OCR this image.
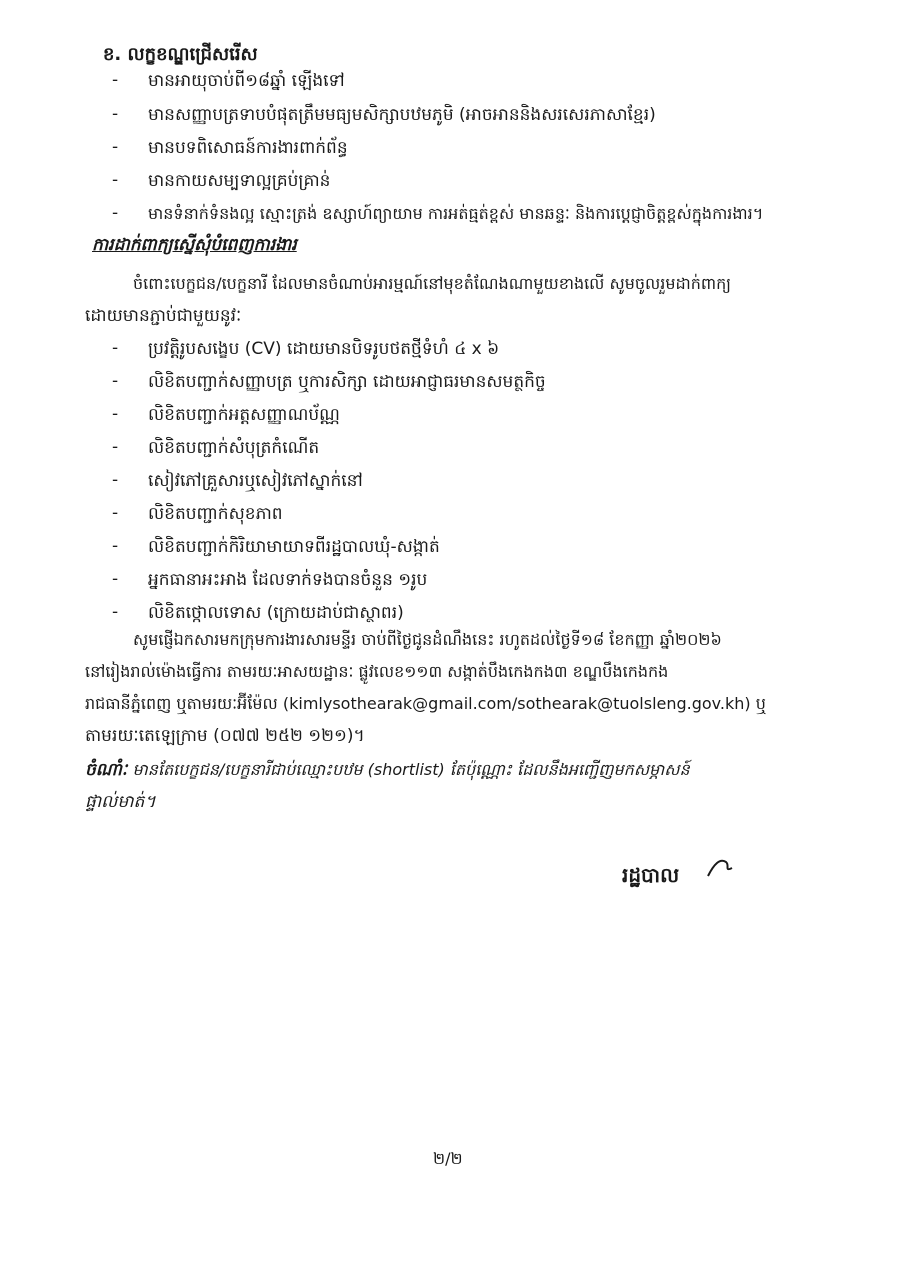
ខ. លក្ខខណ្ឌជ្រើសរើស
- មានអាយុចាប់ពី១៨ឆ្នាំ ឡើងទៅ
- មានសញ្ញាបត្រទាបបំផុតត្រឹមមធ្យមសិក្សាបឋមភូមិ (អាចអាននិងសរសេរភាសាខ្មែរ)
- មានបទពិសោធន៍ការងារពាក់ព័ន្ធ
- មានកាយសម្បទាល្អគ្រប់គ្រាន់
- មានទំនាក់ទំនងល្អ ស្មោះត្រង់ ឧស្សាហ៍ព្យាយាម ការអត់ធ្មត់ខ្ពស់ មានឆន្ទៈ និងការប្តេជ្ញាចិត្តខ្ពស់ក្នុងការងារ។
ការដាក់ពាក្យស្នើសុំបំពេញការងារ
ចំពោះបេក្ខជន/បេក្ខនារី ដែលមានចំណាប់អារម្មណ៍នៅមុខតំណែងណាមួយខាងលើ សូមចូលរួមដាក់ពាក្យ
ដោយមានភ្ជាប់ជាមួយនូវៈ
- ប្រវត្តិរូបសង្ខេប (CV) ដោយមានបិទរូបថតថ្មីទំហំ ៤ x ៦
- លិខិតបញ្ជាក់សញ្ញាបត្រ ឬការសិក្សា ដោយអាជ្ញាធរមានសមត្ថកិច្ច
- លិខិតបញ្ជាក់អត្តសញ្ញាណប័ណ្ណ
- លិខិតបញ្ជាក់សំបុត្រកំណើត
- សៀវភៅគ្រួសារឬសៀវភៅស្នាក់នៅ
- លិខិតបញ្ជាក់សុខភាព
- លិខិតបញ្ជាក់កិរិយាមាយាទពីរដ្ឋបាលឃុំ-សង្កាត់
- អ្នកធានាអះអាង ដែលទាក់ទងបានចំនួន ១រូប
- លិខិតថ្កោលទោស (ក្រោយដាប់ជាស្ថាពរ)
សូមផ្ញើឯកសារមកក្រុមការងារសារមន្ទីរ ចាប់ពីថ្ងៃជូនដំណឹងនេះ រហូតដល់ថ្ងៃទី១៨ ខែកញ្ញា ឆ្នាំ២០២៦
នៅរៀងរាល់ម៉ោងធ្វើការ តាមរយៈអាសយដ្ឋានៈ ផ្លូវលេខ១១៣ សង្កាត់បឹងកេងកង៣ ខណ្ឌបឹងកេងកង
រាជធានីភ្នំពេញ ឬតាមរយៈអ៊ីម៉ែល (kimlysothearak@gmail.com/sothearak@tuolsleng.gov.kh) ឬ
តាមរយៈតេឡេក្រាម (០៧៧ ២៥២ ១២១)។
ចំណាំៈ មានតែបេក្ខជន/បេក្ខនារីជាប់ឈ្មោះបឋម (shortlist) តែប៉ុណ្ណោះ ដែលនឹងអញ្ជើញមកសម្ភាសន៍
ផ្ទាល់មាត់។
រដ្ឋបាល
២/២
